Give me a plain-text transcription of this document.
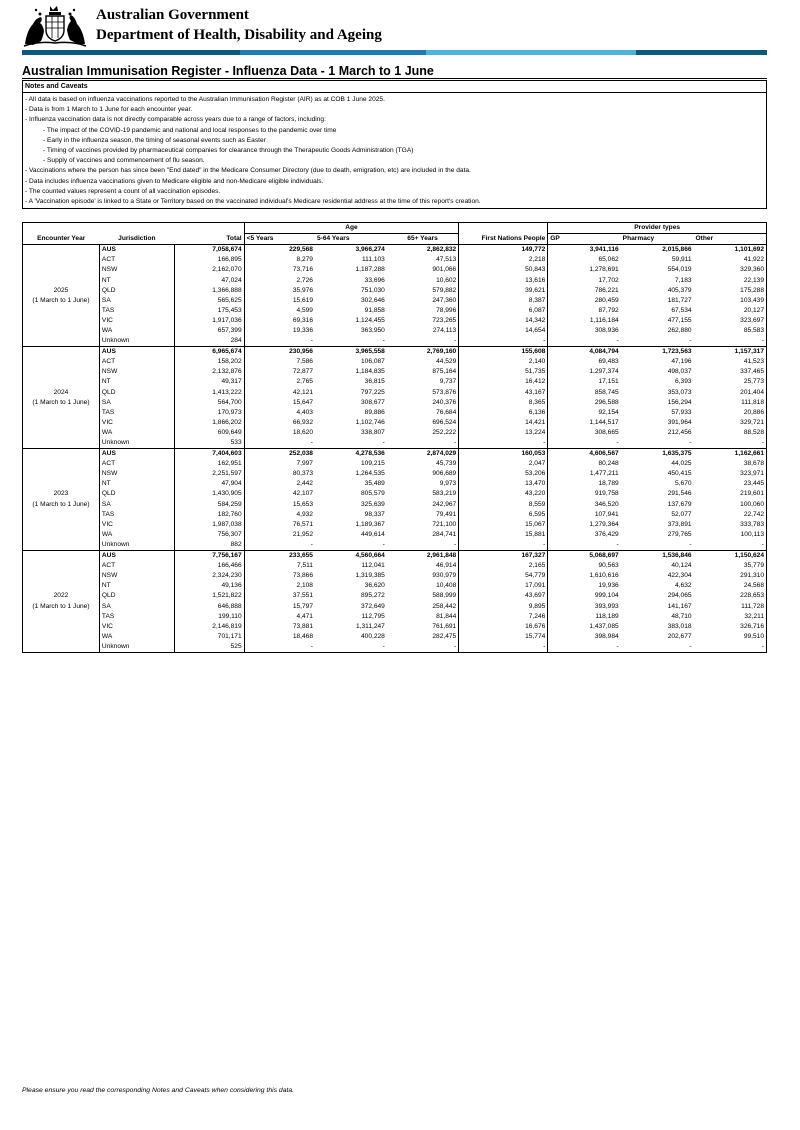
Australian Government
Department of Health, Disability and Ageing
Australian Immunisation Register - Influenza Data - 1 March to 1 June
Notes and Caveats
- All data is based on influenza vaccinations reported to the Australian Immunisation Register (AIR) as at COB 1 June 2025.
- Data is from 1 March to 1 June for each encounter year.
- Influenza vaccination data is not directly comparable across years due to a range of factors, including:
- The impact of the COVID-19 pandemic and national and local responses to the pandemic over time
- Early in the influenza season, the timing of seasonal events such as Easter
- Timing of vaccines provided by pharmaceutical companies for clearance through the Therapeutic Goods Administration (TGA)
- Supply of vaccines and commencement of flu season.
- Vaccinations where the person has since been "End dated" in the Medicare Consumer Directory (due to death, emigration, etc) are included in the data.
- Data includes influenza vaccinations given to Medicare eligible and non-Medicare eligible individuals.
- The counted values represent a count of all vaccination episodes.
- A 'Vaccination episode' is linked to a State or Territory based on the vaccinated individual's Medicare residential address at the time of this report's creation.
			Age				Provider types		
Encounter Year	Jurisdiction	Total	<5 Years	5-64 Years	65+ Years	First Nations People	GP	Pharmacy	Other
	AUS	7,058,674	229,568	3,966,274	2,862,832	149,772	3,941,116	2,015,866	1,101,692
	ACT	166,895	8,279	111,103	47,513	2,218	65,062	59,911	41,922
	NSW	2,162,070	73,716	1,187,288	901,066	50,843	1,278,691	554,019	329,360
	NT	47,024	2,726	33,696	10,602	13,616	17,702	7,183	22,139
2025	QLD	1,366,888	35,976	751,030	579,882	39,621	786,221	405,379	175,288
(1 March to 1 June)	SA	565,625	15,619	302,646	247,360	8,387	280,459	181,727	103,439
	TAS	175,453	4,599	91,858	78,996	6,087	87,792	67,534	20,127
	VIC	1,917,036	69,316	1,124,455	723,265	14,342	1,116,184	477,155	323,697
	WA	657,399	19,336	363,950	274,113	14,654	308,936	262,880	85,583
	Unknown	284	-	-	-	-	-	-	-
	AUS	6,965,674	230,956	3,965,558	2,769,160	155,608	4,084,794	1,723,563	1,157,317
	ACT	158,202	7,586	106,087	44,529	2,140	69,483	47,196	41,523
	NSW	2,132,876	72,877	1,184,835	875,164	51,735	1,297,374	498,037	337,465
	NT	49,317	2,765	36,815	9,737	16,412	17,151	6,393	25,773
2024	QLD	1,413,222	42,121	797,225	573,876	43,167	858,745	353,073	201,404
(1 March to 1 June)	SA	564,700	15,647	308,677	240,376	8,365	296,588	156,294	111,818
	TAS	170,973	4,403	89,886	76,684	6,136	92,154	57,933	20,886
	VIC	1,866,202	66,932	1,102,746	696,524	14,421	1,144,517	391,964	329,721
	WA	609,649	18,620	338,807	252,222	13,224	308,665	212,456	88,528
	Unknown	533	-	-	-	-	-	-	-
	AUS	7,404,603	252,038	4,278,536	2,874,029	160,053	4,606,567	1,635,375	1,162,661
	ACT	162,951	7,997	109,215	45,739	2,047	80,248	44,025	38,678
	NSW	2,251,597	80,373	1,264,535	906,689	53,206	1,477,211	450,415	323,971
	NT	47,904	2,442	35,489	9,973	13,470	18,789	5,670	23,445
2023	QLD	1,430,905	42,107	805,579	583,219	43,220	919,758	291,546	219,601
(1 March to 1 June)	SA	584,259	15,653	325,639	242,967	8,559	346,520	137,679	100,060
	TAS	182,760	4,932	98,337	79,491	6,595	107,941	52,077	22,742
	VIC	1,987,038	76,571	1,189,367	721,100	15,067	1,279,364	373,891	333,783
	WA	756,307	21,952	449,614	284,741	15,881	376,429	279,765	100,113
	Unknown	882	-	-	-	-	-	-	-
	AUS	7,756,167	233,655	4,560,664	2,961,848	167,327	5,068,697	1,536,846	1,150,624
	ACT	166,466	7,511	112,041	46,914	2,165	90,563	40,124	35,779
	NSW	2,324,230	73,866	1,319,385	930,979	54,779	1,610,616	422,304	291,310
	NT	49,136	2,108	36,620	10,408	17,091	19,936	4,632	24,568
2022	QLD	1,521,822	37,551	895,272	588,999	43,697	999,104	294,065	228,653
(1 March to 1 June)	SA	646,888	15,797	372,649	258,442	9,895	393,993	141,167	111,728
	TAS	199,110	4,471	112,795	81,844	7,246	118,189	48,710	32,211
	VIC	2,146,819	73,881	1,311,247	761,691	16,676	1,437,085	383,018	326,716
	WA	701,171	18,468	400,228	282,475	15,774	398,984	202,677	99,510
	Unknown	525	-	-	-	-	-	-	-
Please ensure you read the corresponding Notes and Caveats when considering this data.
